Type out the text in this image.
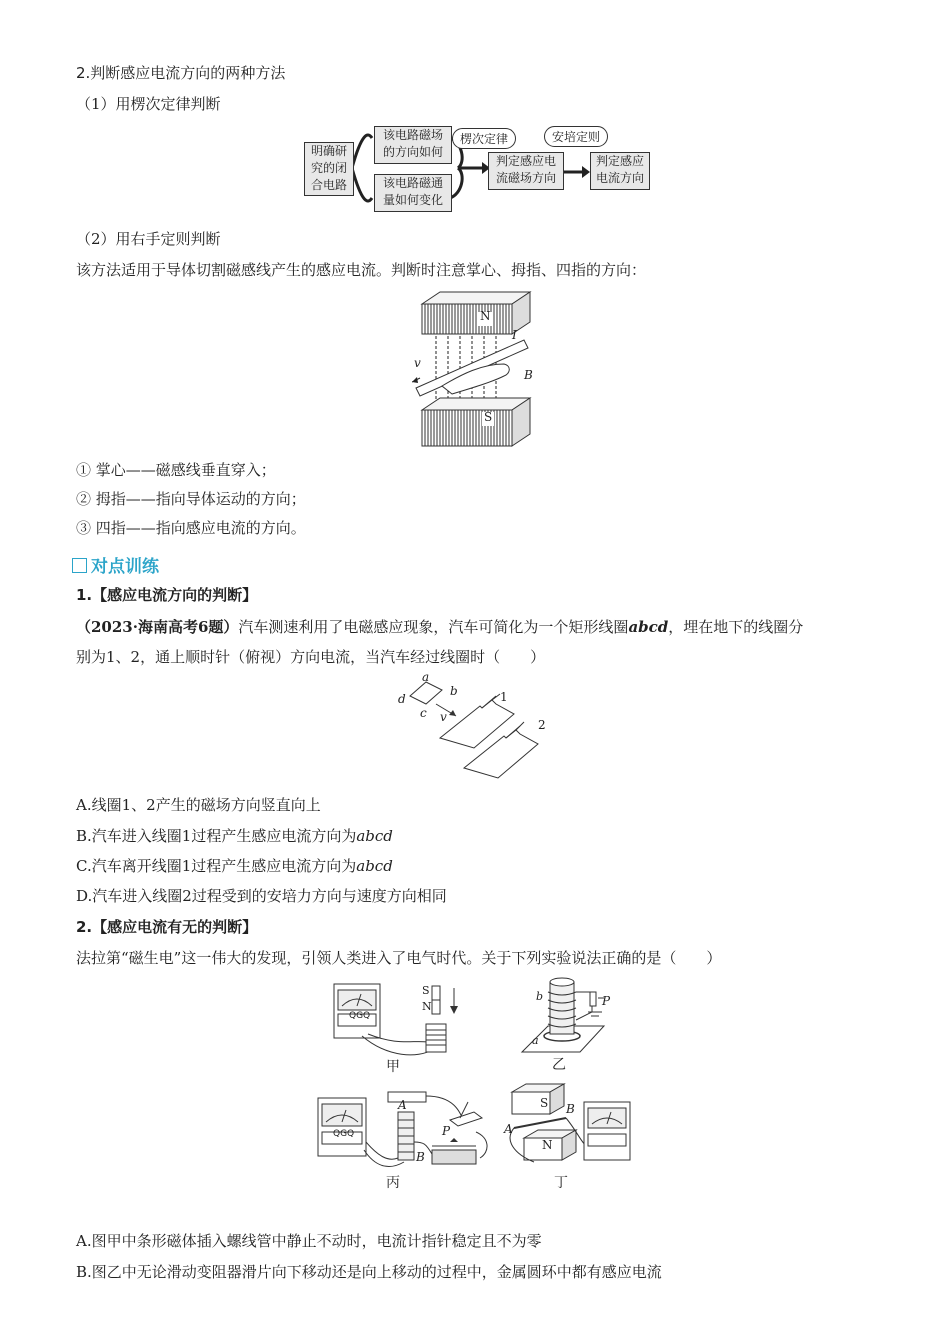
2.判断感应电流方向的两种方法
（1）用楞次定律判断
明确研究的闭合电路
该电路磁场的方向如何
该电路磁通量如何变化
楞次定律
判定感应电流磁场方向
安培定则
判定感应电流方向
（2）用右手定则判断
该方法适用于导体切割磁感线产生的感应电流。判断时注意掌心、拇指、四指的方向：
N
S
v
I
B
① 掌心——磁感线垂直穿入；
② 拇指——指向导体运动的方向；
③ 四指——指向感应电流的方向。
对点训练
1.【感应电流方向的判断】
（2023·海南高考6题）汽车测速利用了电磁感应现象，汽车可简化为一个矩形线圈abcd，埋在地下的线圈分
别为1、2，通上顺时针（俯视）方向电流，当汽车经过线圈时（　　）
a
b
c
d
v
1
2
A.线圈1、2产生的磁场方向竖直向上
B.汽车进入线圈1过程产生感应电流方向为abcd
C.汽车离开线圈1过程产生感应电流方向为abcd
D.汽车进入线圈2过程受到的安培力方向与速度方向相同
2.【感应电流有无的判断】
法拉第“磁生电”这一伟大的发现，引领人类进入了电气时代。关于下列实验说法正确的是（　　）
QGQ
S
N
甲
b	P
a
乙
QGQ
A
B
P
丙
S
N
A
B
丁
A.图甲中条形磁体插入螺线管中静止不动时，电流计指针稳定且不为零
B.图乙中无论滑动变阻器滑片向下移动还是向上移动的过程中，金属圆环中都有感应电流
